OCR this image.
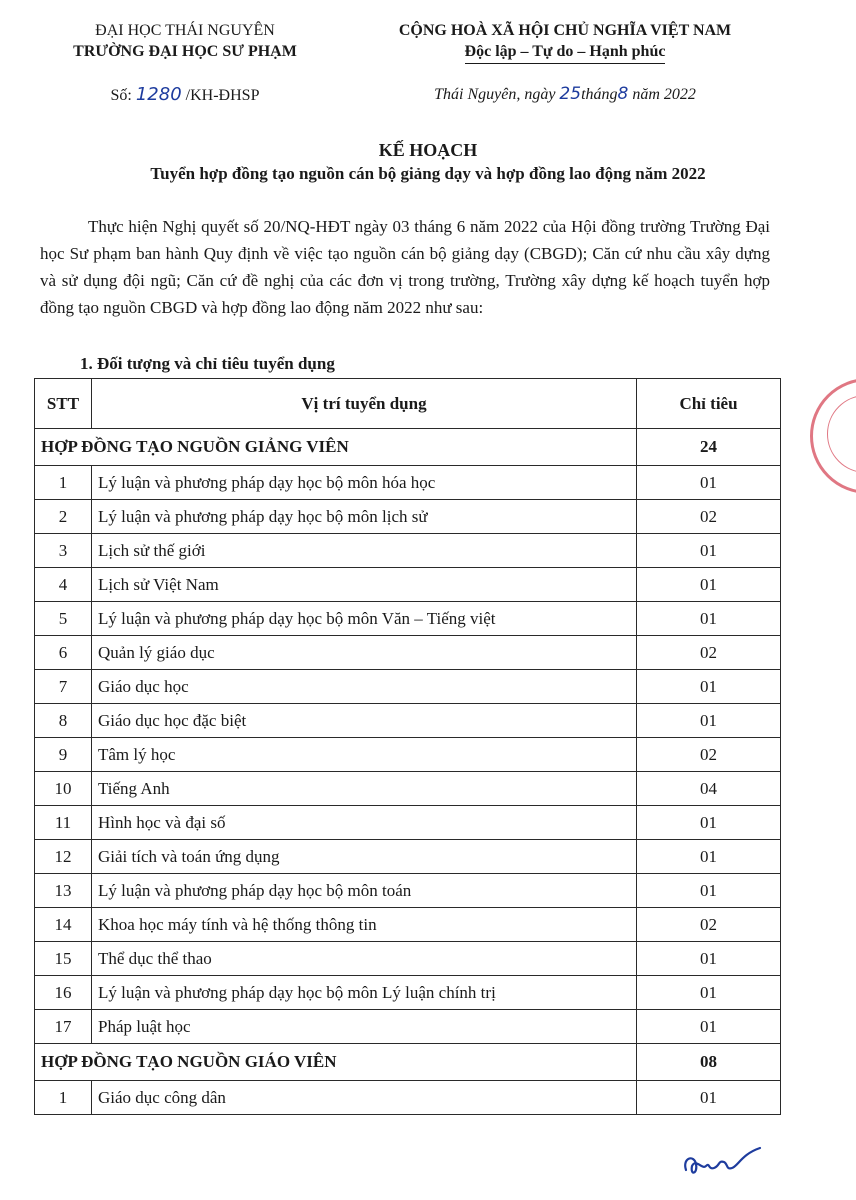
ĐẠI HỌC THÁI NGUYÊN
TRƯỜNG ĐẠI HỌC SƯ PHẠM
CỘNG HOÀ XÃ HỘI CHỦ NGHĨA VIỆT NAM
Độc lập – Tự do – Hạnh phúc
Số: 1280 /KH-ĐHSP	Thái Nguyên, ngày 25tháng8 năm 2022
KẾ HOẠCH
Tuyển hợp đồng tạo nguồn cán bộ giảng dạy và hợp đồng lao động năm 2022
Thực hiện Nghị quyết số 20/NQ-HĐT ngày 03 tháng 6 năm 2022 của Hội đồng trường Trường Đại học Sư phạm ban hành Quy định về việc tạo nguồn cán bộ giảng dạy (CBGD); Căn cứ nhu cầu xây dựng và sử dụng đội ngũ; Căn cứ đề nghị của các đơn vị trong trường, Trường xây dựng kế hoạch tuyển hợp đồng tạo nguồn CBGD và hợp đồng lao động năm 2022 như sau:
1. Đối tượng và chỉ tiêu tuyển dụng
STT	Vị trí tuyển dụng	Chỉ tiêu
HỢP ĐỒNG TẠO NGUỒN GIẢNG VIÊN		24
1	Lý luận và phương pháp dạy học bộ môn hóa học	01
2	Lý luận và phương pháp dạy học bộ môn lịch sử	02
3	Lịch sử thế giới	01
4	Lịch sử Việt Nam	01
5	Lý luận và phương pháp dạy học bộ môn Văn – Tiếng việt	01
6	Quản lý giáo dục	02
7	Giáo dục học	01
8	Giáo dục học đặc biệt	01
9	Tâm lý học	02
10	Tiếng Anh	04
11	Hình học và đại số	01
12	Giải tích và toán ứng dụng	01
13	Lý luận và phương pháp dạy học bộ môn toán	01
14	Khoa học máy tính và hệ thống thông tin	02
15	Thể dục thể thao	01
16	Lý luận và phương pháp dạy học bộ môn Lý luận chính trị	01
17	Pháp luật học	01
HỢP ĐỒNG TẠO NGUỒN GIÁO VIÊN		08
1	Giáo dục công dân	01
